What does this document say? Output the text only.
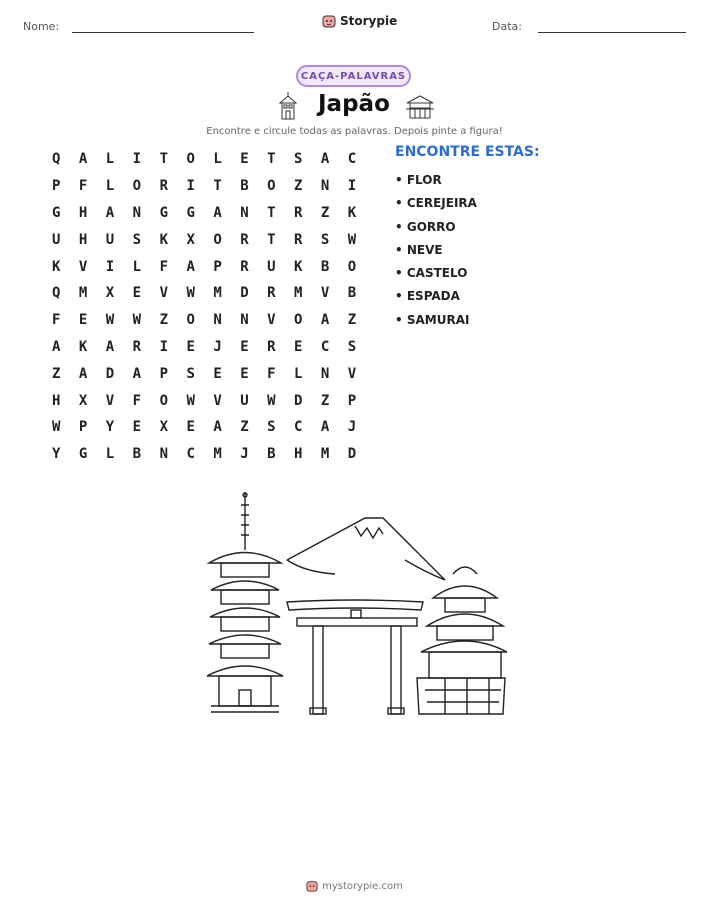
Nome:	Storypie	Data:
CAÇA-PALAVRAS
Japão
Encontre e circule todas as palavras. Depois pinte a figura!
Q	A	L	I	T	O	L	E	T	S	A	C
P	F	L	O	R	I	T	B	O	Z	N	I
G	H	A	N	G	G	A	N	T	R	Z	K
U	H	U	S	K	X	O	R	T	R	S	W
K	V	I	L	F	A	P	R	U	K	B	O
Q	M	X	E	V	W	M	D	R	M	V	B
F	E	W	W	Z	O	N	N	V	O	A	Z
A	K	A	R	I	E	J	E	R	E	C	S
Z	A	D	A	P	S	E	E	F	L	N	V
H	X	V	F	O	W	V	U	W	D	Z	P
W	P	Y	E	X	E	A	Z	S	C	A	J
Y	G	L	B	N	C	M	J	B	H	M	D
ENCONTRE ESTAS:
• FLOR
• CEREJEIRA
• GORRO
• NEVE
• CASTELO
• ESPADA
• SAMURAI
mystorypie.com
